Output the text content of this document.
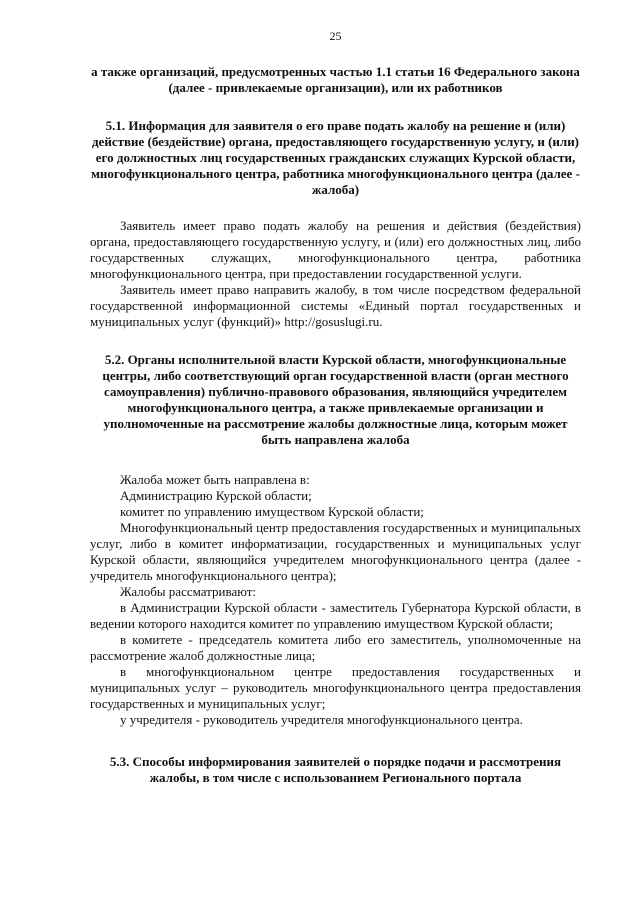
25

а также организаций, предусмотренных частью 1.1 статьи 16 Федерального закона (далее - привлекаемые организации), или их работников

5.1. Информация для заявителя о его праве подать жалобу на решение и (или) действие (бездействие) органа, предоставляющего государственную услугу, и (или) его должностных лиц государственных гражданских служащих Курской области, многофункционального центра, работника многофункционального центра (далее - жалоба)

Заявитель имеет право подать жалобу на решения и действия (бездействия) органа, предоставляющего государственную услугу, и (или) его должностных лиц, либо государственных служащих, многофункционального центра, работника многофункционального центра, при предоставлении государственной услуги.

Заявитель имеет право направить жалобу, в том числе посредством федеральной государственной информационной системы «Единый портал государственных и муниципальных услуг (функций)» http://gosuslugi.ru.

5.2. Органы исполнительной власти Курской области, многофункциональные центры, либо соответствующий орган государственной власти (орган местного самоуправления) публично-правового образования, являющийся учредителем многофункционального центра, а также привлекаемые организации и уполномоченные на рассмотрение жалобы должностные лица, которым может быть направлена жалоба

Жалоба может быть направлена в:

Администрацию Курской области;

комитет по управлению имуществом Курской области;

Многофункциональный центр предоставления государственных и муниципальных услуг, либо в комитет информатизации, государственных и муниципальных услуг Курской области, являющийся учредителем многофункционального центра (далее - учредитель многофункционального центра);

Жалобы рассматривают:

в Администрации Курской области - заместитель Губернатора Курской области, в ведении которого находится комитет по управлению имуществом Курской области;

в комитете - председатель комитета либо его заместитель, уполномоченные на рассмотрение жалоб должностные лица;

в многофункциональном центре предоставления государственных и муниципальных услуг – руководитель многофункционального центра предоставления государственных и муниципальных услуг;

у учредителя - руководитель учредителя многофункционального центра.

5.3. Способы информирования заявителей о порядке подачи и рассмотрения жалобы, в том числе с использованием Регионального портала
